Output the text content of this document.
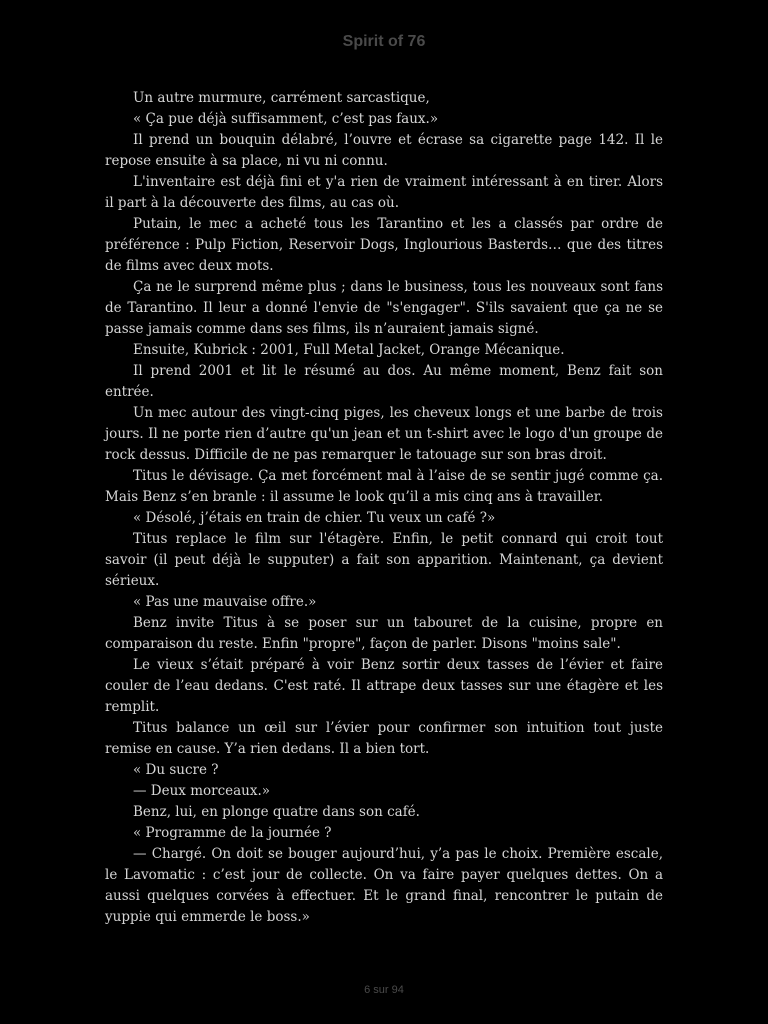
Spirit of 76

Un autre murmure, carrément sarcastique,

« Ça pue déjà suffisamment, c’est pas faux.»

Il prend un bouquin délabré, l’ouvre et écrase sa cigarette page 142. Il le repose ensuite à sa place, ni vu ni connu.

L'inventaire est déjà fini et y'a rien de vraiment intéressant à en tirer. Alors il part à la découverte des films, au cas où.

Putain, le mec a acheté tous les Tarantino et les a classés par ordre de préférence : Pulp Fiction, Reservoir Dogs, Inglourious Basterds… que des titres de films avec deux mots.

Ça ne le surprend même plus ; dans le business, tous les nouveaux sont fans de Tarantino. Il leur a donné l'envie de "s'engager". S'ils savaient que ça ne se passe jamais comme dans ses films, ils n’auraient jamais signé.

Ensuite, Kubrick : 2001, Full Metal Jacket, Orange Mécanique.

Il prend 2001 et lit le résumé au dos. Au même moment, Benz fait son entrée.

Un mec autour des vingt-cinq piges, les cheveux longs et une barbe de trois jours. Il ne porte rien d’autre qu'un jean et un t-shirt avec le logo d'un groupe de rock dessus. Difficile de ne pas remarquer le tatouage sur son bras droit.

Titus le dévisage. Ça met forcément mal à l’aise de se sentir jugé comme ça. Mais Benz s’en branle : il assume le look qu’il a mis cinq ans à travailler.

« Désolé, j’étais en train de chier. Tu veux un café ?»

Titus replace le film sur l'étagère. Enfin, le petit connard qui croit tout savoir (il peut déjà le supputer) a fait son apparition. Maintenant, ça devient sérieux.

« Pas une mauvaise offre.»

Benz invite Titus à se poser sur un tabouret de la cuisine, propre en comparaison du reste. Enfin "propre", façon de parler. Disons "moins sale".

Le vieux s’était préparé à voir Benz sortir deux tasses de l’évier et faire couler de l’eau dedans. C'est raté. Il attrape deux tasses sur une étagère et les remplit.

Titus balance un œil sur l’évier pour confirmer son intuition tout juste remise en cause. Y’a rien dedans. Il a bien tort.

« Du sucre ?

— Deux morceaux.»

Benz, lui, en plonge quatre dans son café.

« Programme de la journée ?

— Chargé. On doit se bouger aujourd’hui, y’a pas le choix. Première escale, le Lavomatic : c’est jour de collecte. On va faire payer quelques dettes. On a aussi quelques corvées à effectuer. Et le grand final, rencontrer le putain de yuppie qui emmerde le boss.»

6 sur 94
